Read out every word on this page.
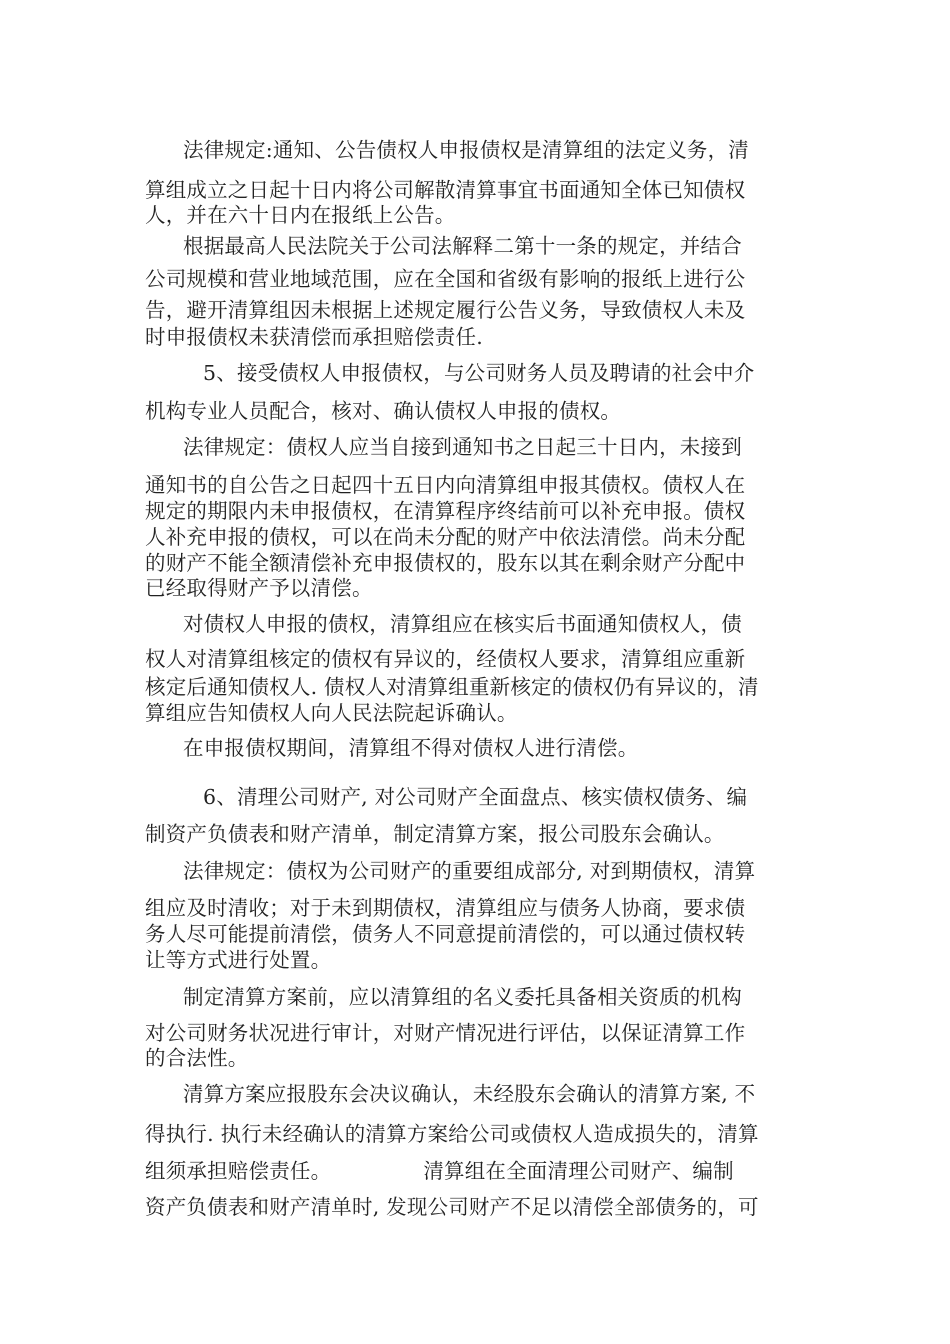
法律规定:通知、公告债权人申报债权是清算组的法定义务，清
算组成立之日起十日内将公司解散清算事宜书面通知全体已知债权
人，并在六十日内在报纸上公告。
根据最高人民法院关于公司法解释二第十一条的规定，并结合
公司规模和营业地域范围，应在全国和省级有影响的报纸上进行公
告，避开清算组因未根据上述规定履行公告义务，导致债权人未及
时申报债权未获清偿而承担赔偿责任.
5、接受债权人申报债权，与公司财务人员及聘请的社会中介
机构专业人员配合，核对、确认债权人申报的债权。
法律规定：债权人应当自接到通知书之日起三十日内，未接到
通知书的自公告之日起四十五日内向清算组申报其债权。债权人在
规定的期限内未申报债权，在清算程序终结前可以补充申报。债权
人补充申报的债权，可以在尚未分配的财产中依法清偿。尚未分配
的财产不能全额清偿补充申报债权的，股东以其在剩余财产分配中
已经取得财产予以清偿。
对债权人申报的债权，清算组应在核实后书面通知债权人，债
权人对清算组核定的债权有异议的，经债权人要求，清算组应重新
核定后通知债权人. 债权人对清算组重新核定的债权仍有异议的，清
算组应告知债权人向人民法院起诉确认。
在申报债权期间，清算组不得对债权人进行清偿。
6、清理公司财产, 对公司财产全面盘点、核实债权债务、编
制资产负债表和财产清单，制定清算方案，报公司股东会确认。
法律规定：债权为公司财产的重要组成部分, 对到期债权，清算
组应及时清收；对于未到期债权，清算组应与债务人协商，要求债
务人尽可能提前清偿，债务人不同意提前清偿的，可以通过债权转
让等方式进行处置。
制定清算方案前，应以清算组的名义委托具备相关资质的机构
对公司财务状况进行审计，对财产情况进行评估，以保证清算工作
的合法性。
清算方案应报股东会决议确认，未经股东会确认的清算方案, 不
得执行. 执行未经确认的清算方案给公司或债权人造成损失的，清算
组须承担赔偿责任。	清算组在全面清理公司财产、编制
资产负债表和财产清单时, 发现公司财产不足以清偿全部债务的，可
